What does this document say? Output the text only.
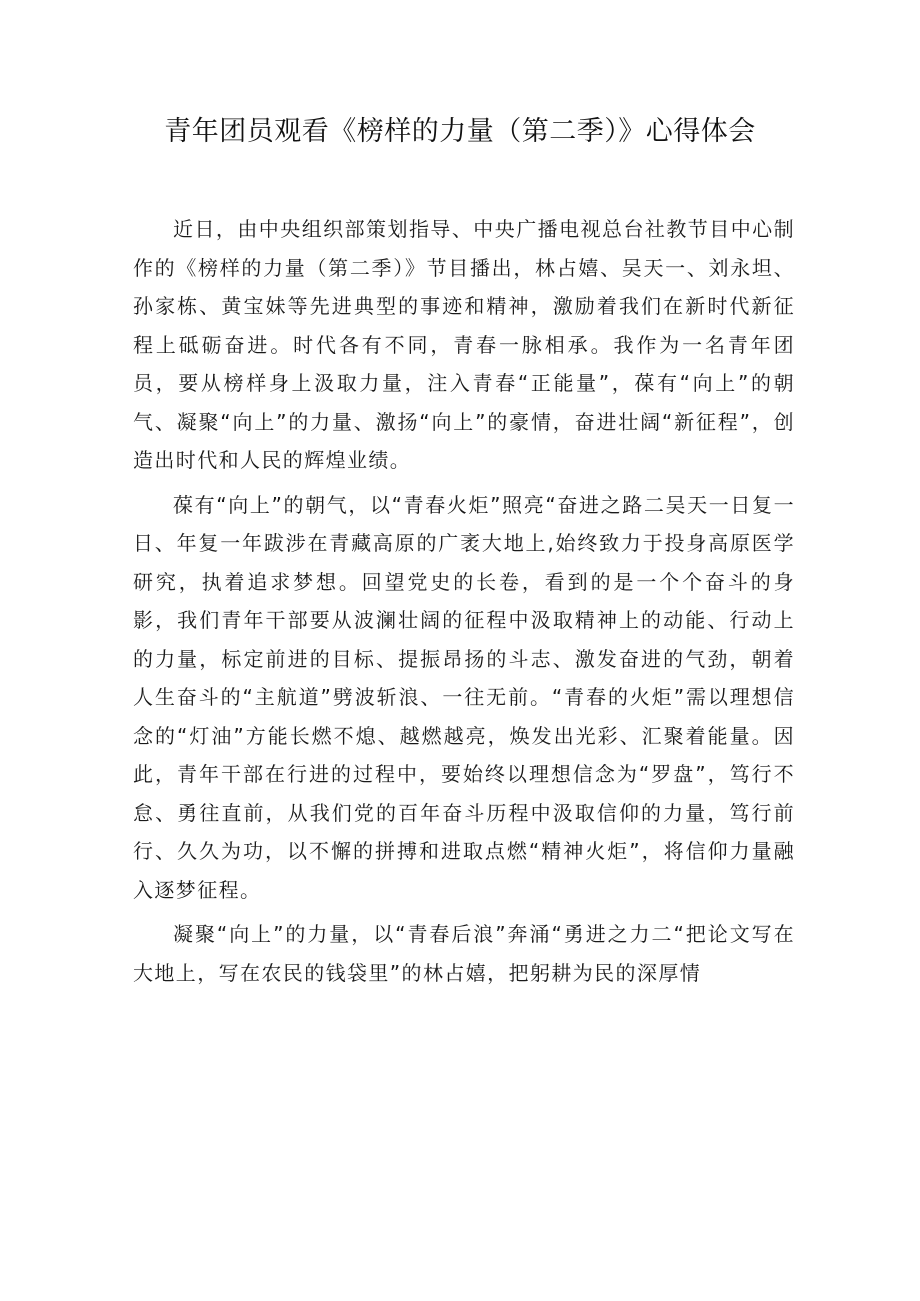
青年团员观看《榜样的力量（第二季）》心得体会

近日，由中央组织部策划指导、中央广播电视总台社教节目中心制作的《榜样的力量（第二季）》节目播出，林占嬉、吴天一、刘永坦、孙家栋、黄宝妹等先进典型的事迹和精神，激励着我们在新时代新征程上砥砺奋进。时代各有不同，青春一脉相承。我作为一名青年团员，要从榜样身上汲取力量，注入青春“正能量”，葆有“向上”的朝气、凝聚“向上”的力量、激扬“向上”的豪情，奋进壮阔“新征程”，创造出时代和人民的辉煌业绩。

葆有“向上”的朝气，以“青春火炬”照亮“奋进之路二吴天一日复一日、年复一年跋涉在青藏高原的广袤大地上,始终致力于投身高原医学研究，执着追求梦想。回望党史的长卷，看到的是一个个奋斗的身影，我们青年干部要从波澜壮阔的征程中汲取精神上的动能、行动上的力量，标定前进的目标、提振昂扬的斗志、激发奋进的气劲，朝着人生奋斗的“主航道”劈波斩浪、一往无前。“青春的火炬”需以理想信念的“灯油”方能长燃不熄、越燃越亮，焕发出光彩、汇聚着能量。因此，青年干部在行进的过程中，要始终以理想信念为“罗盘”，笃行不怠、勇往直前，从我们党的百年奋斗历程中汲取信仰的力量，笃行前行、久久为功，以不懈的拼搏和进取点燃“精神火炬”，将信仰力量融入逐梦征程。

凝聚“向上”的力量，以“青春后浪”奔涌“勇进之力二“把论文写在大地上，写在农民的钱袋里”的林占嬉，把躬耕为民的深厚情
